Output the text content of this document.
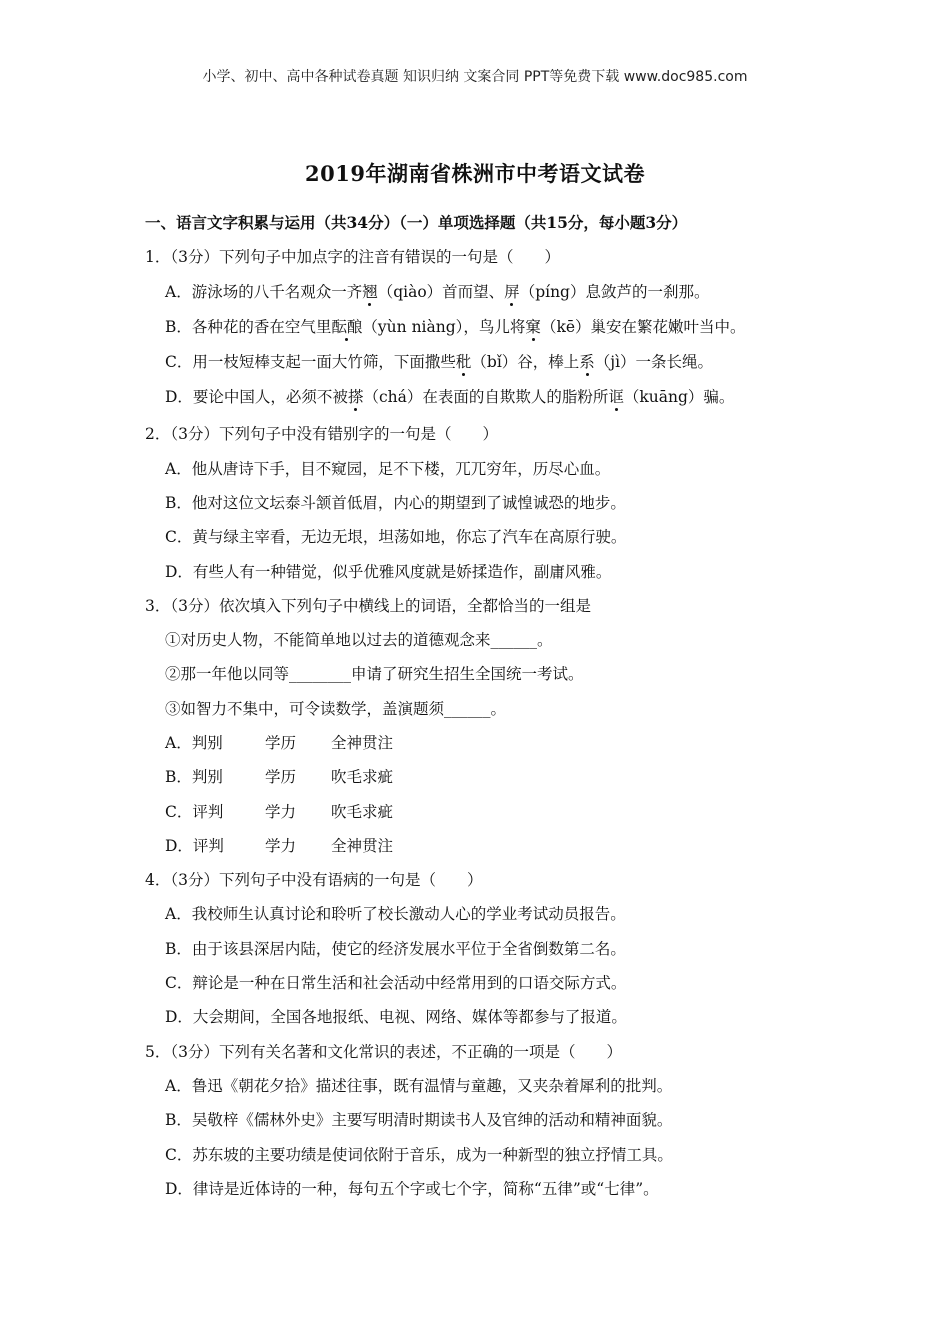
小学、初中、高中各种试卷真题 知识归纳 文案合同 PPT等免费下载 www.doc985.com
2019年湖南省株洲市中考语文试卷
一、语言文字积累与运用（共34分）（一）单项选择题（共15分，每小题3分）
1．（3分）下列句子中加点字的注音有错误的一句是（　　）
A．游泳场的八千名观众一齐翘（qiào）首而望、屏（píng）息敛芦的一刹那。
B．各种花的香在空气里酝酿（yùn niàng），鸟儿将窠（kē）巢安在繁花嫩叶当中。
C．用一枝短棒支起一面大竹筛，下面撒些秕（bǐ）谷，棒上系（jì）一条长绳。
D．要论中国人，必须不被搽（chá）在表面的自欺欺人的脂粉所诓（kuāng）骗。
2．（3分）下列句子中没有错别字的一句是（　　）
A．他从唐诗下手，目不窥园，足不下楼，兀兀穷年，历尽心血。
B．他对这位文坛泰斗颔首低眉，内心的期望到了诚惶诚恐的地步。
C．黄与绿主宰看，无边无垠，坦荡如地，你忘了汽车在高原行驶。
D．有些人有一种错觉，似乎优雅风度就是娇揉造作，副庸风雅。
3．（3分）依次填入下列句子中横线上的词语，全都恰当的一组是
①对历史人物，不能简单地以过去的道德观念来______。
②那一年他以同等________申请了研究生招生全国统一考试。
③如智力不集中，可令读数学，盖演题须______。
A．判别	学历 全神贯注
B．判别	学历 吹毛求疵
C．评判	学力 吹毛求疵
D．评判	学力 全神贯注
4．（3分）下列句子中没有语病的一句是（　　）
A．我校师生认真讨论和聆听了校长激动人心的学业考试动员报告。
B．由于该县深居内陆，使它的经济发展水平位于全省倒数第二名。
C．辩论是一种在日常生活和社会活动中经常用到的口语交际方式。
D．大会期间，全国各地报纸、电视、网络、媒体等都参与了报道。
5．（3分）下列有关名著和文化常识的表述，不正确的一项是（　　）
A．鲁迅《朝花夕拾》描述往事，既有温情与童趣，又夹杂着犀利的批判。
B．吴敬梓《儒林外史》主要写明清时期读书人及官绅的活动和精神面貌。
C．苏东坡的主要功绩是使词依附于音乐，成为一种新型的独立抒情工具。
D．律诗是近体诗的一种，每句五个字或七个字，简称“五律”或“七律”。
